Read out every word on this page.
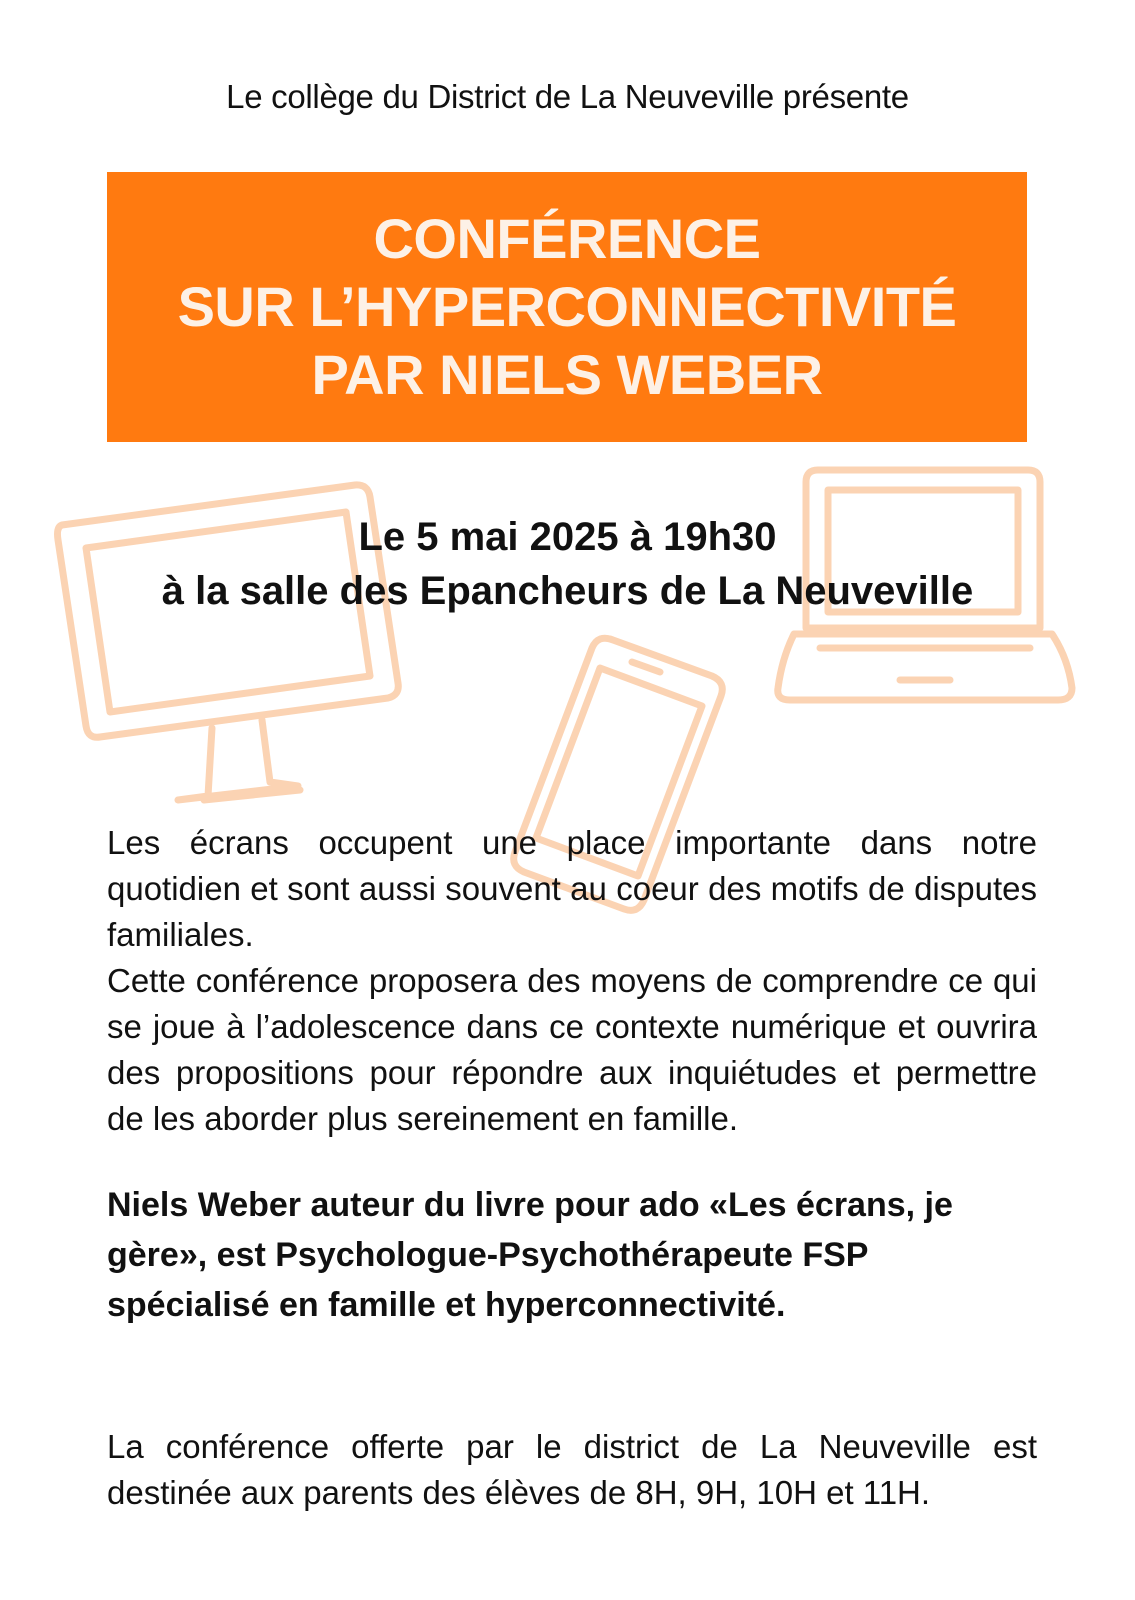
Le collège du District de La Neuveville présente
CONFÉRENCE
SUR L’HYPERCONNECTIVITÉ
PAR NIELS WEBER
Le 5 mai 2025 à 19h30
à la salle des Epancheurs de La Neuveville

Les écrans occupent une place importante dans notre quotidien et sont aussi souvent au coeur des motifs de disputes familiales.

Cette conférence proposera des moyens de comprendre ce qui se joue à l’adolescence dans ce contexte numérique et ouvrira des propositions pour répondre aux inquiétudes et permettre de les aborder plus sereinement en famille.

Niels Weber auteur du livre pour ado «Les écrans, je gère», est Psychologue-Psychothérapeute FSP spécialisé en famille et hyperconnectivité.
La conférence offerte par le district de La Neuveville est destinée aux parents des élèves de 8H, 9H, 10H et 11H.
